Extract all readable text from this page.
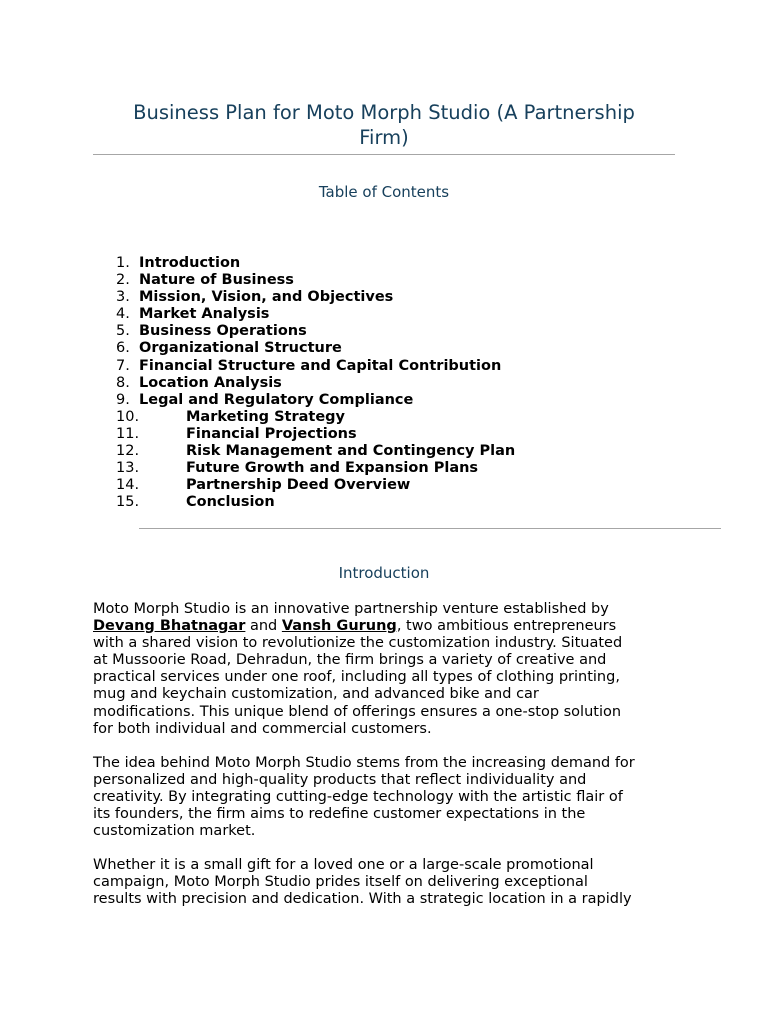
Business Plan for Moto Morph Studio (A Partnership
Firm)
Table of Contents
1. Introduction
2. Nature of Business
3. Mission, Vision, and Objectives
4. Market Analysis
5. Business Operations
6. Organizational Structure
7. Financial Structure and Capital Contribution
8. Location Analysis
9. Legal and Regulatory Compliance
10.	Marketing Strategy
11.	Financial Projections
12.	Risk Management and Contingency Plan
13.	Future Growth and Expansion Plans
14.	Partnership Deed Overview
15.	Conclusion
Introduction

Moto Morph Studio is an innovative partnership venture established by
Devang Bhatnagar and Vansh Gurung, two ambitious entrepreneurs
with a shared vision to revolutionize the customization industry. Situated
at Mussoorie Road, Dehradun, the firm brings a variety of creative and
practical services under one roof, including all types of clothing printing,
mug and keychain customization, and advanced bike and car
modifications. This unique blend of offerings ensures a one-stop solution
for both individual and commercial customers.

The idea behind Moto Morph Studio stems from the increasing demand for
personalized and high-quality products that reflect individuality and
creativity. By integrating cutting-edge technology with the artistic flair of
its founders, the firm aims to redefine customer expectations in the
customization market.

Whether it is a small gift for a loved one or a large-scale promotional
campaign, Moto Morph Studio prides itself on delivering exceptional
results with precision and dedication. With a strategic location in a rapidly
